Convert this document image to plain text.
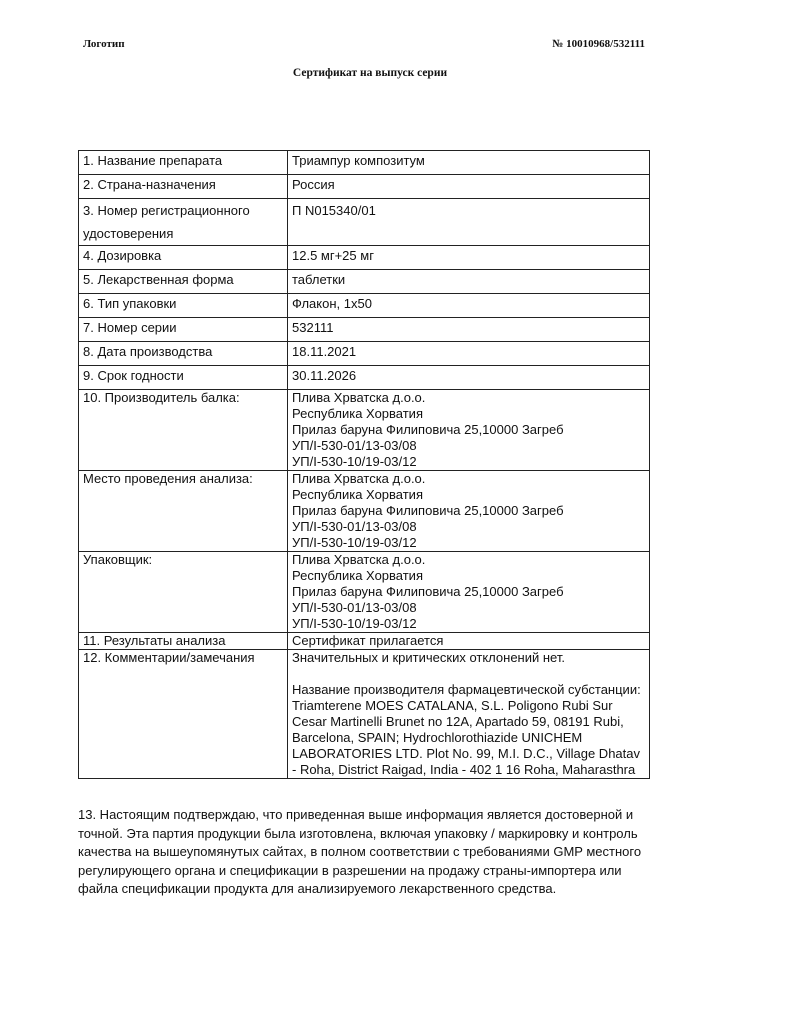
Логотип	№ 10010968/532111
Сертификат на выпуск серии
1. Название препарата	Триампур композитум

2. Страна-назначения	Россия

3. Номер регистрационного удостоверения	П N015340/01

4. Дозировка	12.5 мг+25 мг

5. Лекарственная форма	таблетки

6. Тип упаковки	Флакон, 1х50

7. Номер серии	532111

8. Дата производства	18.11.2021

9. Срок годности	30.11.2026

10. Производитель балка:	Плива Хрватска д.о.о.
Республика Хорватия
Прилаз баруна Филиповича 25,10000 Загреб
УП/I-530-01/13-03/08
УП/I-530-10/19-03/12
Место проведения анализа:	Плива Хрватска д.о.о.
Республика Хорватия
Прилаз баруна Филиповича 25,10000 Загреб
УП/I-530-01/13-03/08
УП/I-530-10/19-03/12
Упаковщик:	Плива Хрватска д.о.о.
Республика Хорватия
Прилаз баруна Филиповича 25,10000 Загреб
УП/I-530-01/13-03/08
УП/I-530-10/19-03/12
11. Результаты анализа	Сертификат прилагается
12. Комментарии/замечания	Значительных и критических отклонений нет.

Название производителя фармацевтической субстанции:
Triamterene MOES CATALANA, S.L. Poligono Rubi Sur Cesar Martinelli Brunet no 12A, Apartado 59, 08191 Rubi, Barcelona, SPAIN; Hydrochlorothiazide UNICHEM LABORATORIES LTD. Plot No. 99, M.I. D.C., Village Dhatav - Roha, District Raigad, India - 402 1 16 Roha, Maharasthra
13. Настоящим подтверждаю, что приведенная выше информация является достоверной и точной. Эта партия продукции была изготовлена, включая упаковку / маркировку и контроль качества на вышеупомянутых сайтах, в полном соответствии с требованиями GMP местного регулирующего органа и спецификации в разрешении на продажу страны-импортера или файла спецификации продукта для анализируемого лекарственного средства.
